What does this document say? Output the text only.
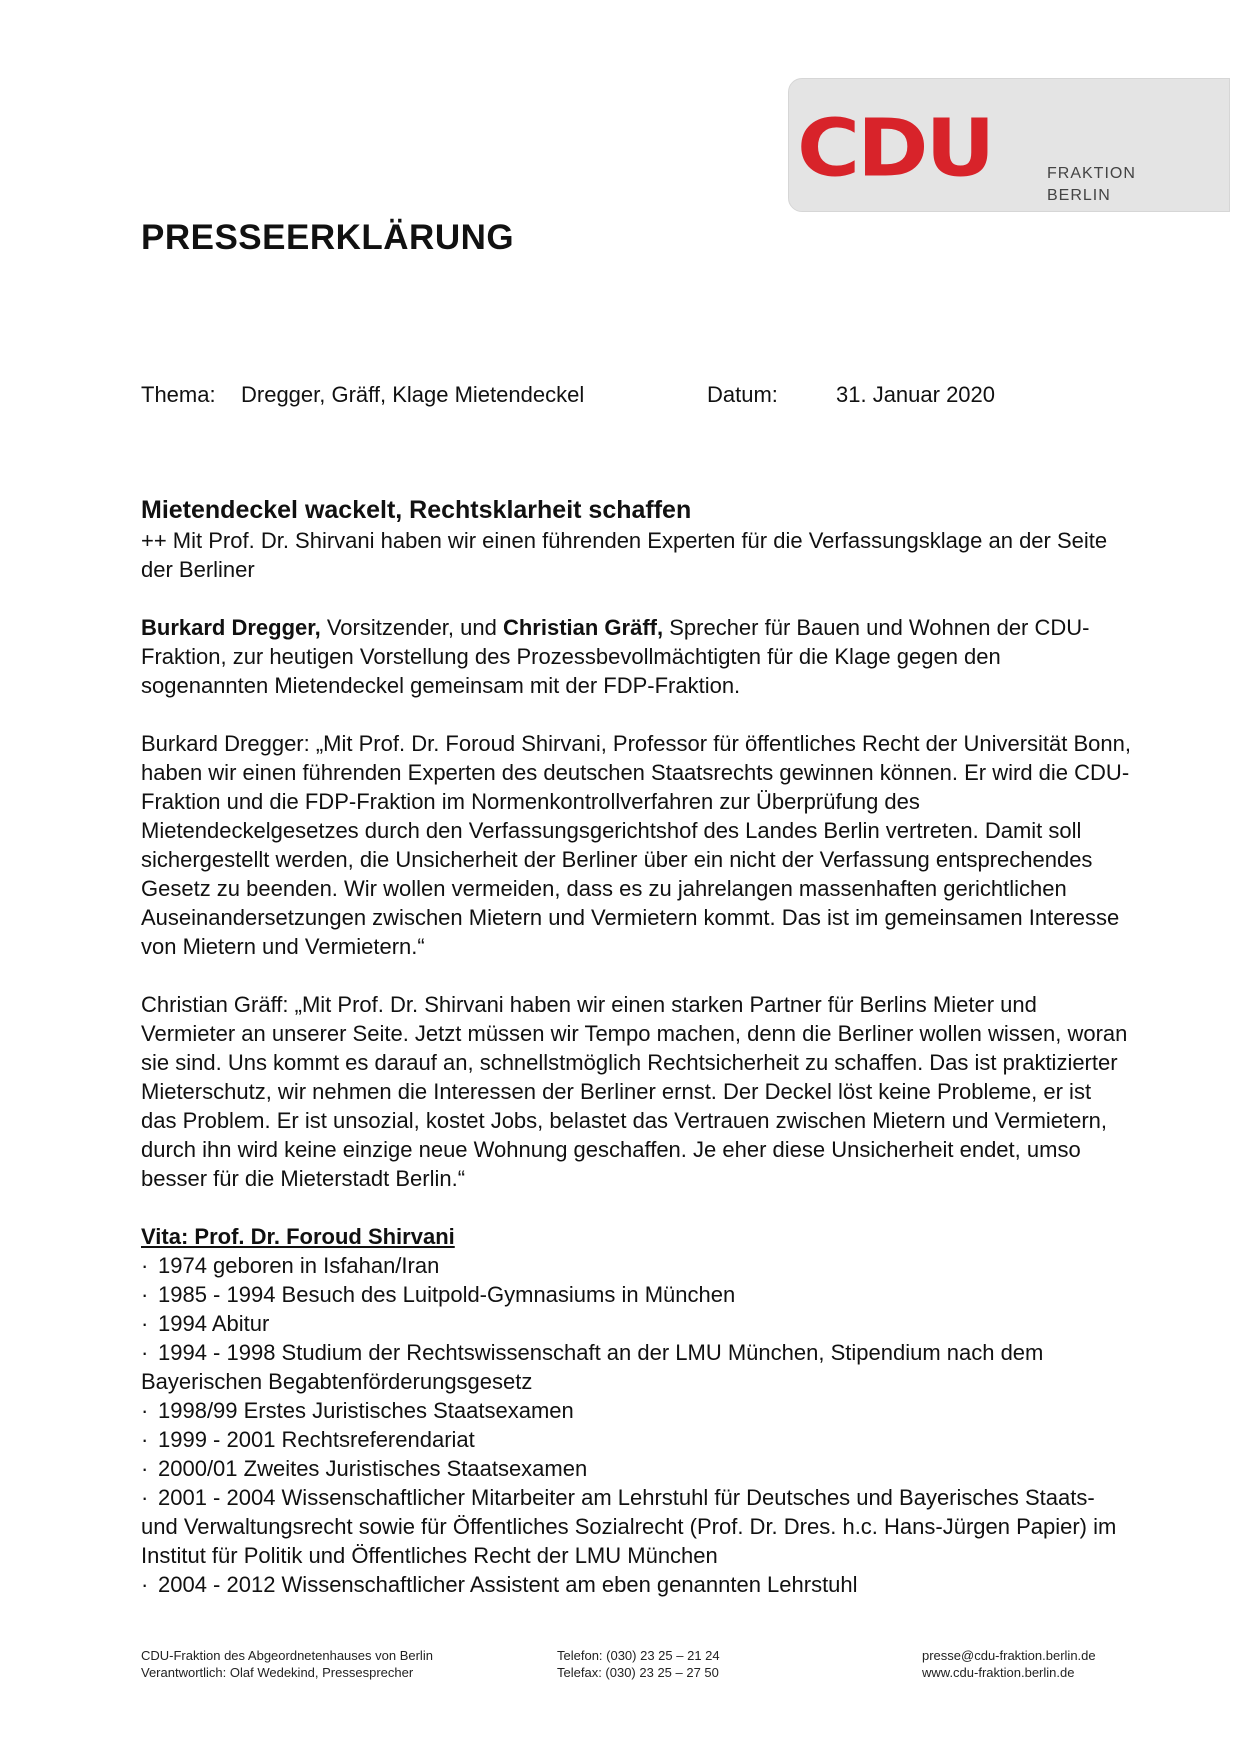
CDU	FRAKTION
BERLIN
PRESSEERKLÄRUNG
Thema: Dregger, Gräff, Klage Mietendeckel	Datum:	31. Januar 2020

Mietendeckel wackelt, Rechtsklarheit schaffen

++ Mit Prof. Dr. Shirvani haben wir einen führenden Experten für die Verfassungsklage an der Seite der Berliner

Burkard Dregger, Vorsitzender, und Christian Gräff, Sprecher für Bauen und Wohnen der CDU-Fraktion, zur heutigen Vorstellung des Prozessbevollmächtigten für die Klage gegen den sogenannten Mietendeckel gemeinsam mit der FDP-Fraktion.

Burkard Dregger: „Mit Prof. Dr. Foroud Shirvani, Professor für öffentliches Recht der Universität Bonn, haben wir einen führenden Experten des deutschen Staatsrechts gewinnen können. Er wird die CDU-Fraktion und die FDP-Fraktion im Normenkontrollverfahren zur Überprüfung des Mietendeckelgesetzes durch den Verfassungsgerichtshof des Landes Berlin vertreten. Damit soll sichergestellt werden, die Unsicherheit der Berliner über ein nicht der Verfassung entsprechendes Gesetz zu beenden. Wir wollen vermeiden, dass es zu jahrelangen massenhaften gerichtlichen Auseinandersetzungen zwischen Mietern und Vermietern kommt. Das ist im gemeinsamen Interesse von Mietern und Vermietern.“

Christian Gräff: „Mit Prof. Dr. Shirvani haben wir einen starken Partner für Berlins Mieter und Vermieter an unserer Seite. Jetzt müssen wir Tempo machen, denn die Berliner wollen wissen, woran sie sind. Uns kommt es darauf an, schnellstmöglich Rechtsicherheit zu schaffen. Das ist praktizierter Mieterschutz, wir nehmen die Interessen der Berliner ernst. Der Deckel löst keine Probleme, er ist das Problem. Er ist unsozial, kostet Jobs, belastet das Vertrauen zwischen Mietern und Vermietern, durch ihn wird keine einzige neue Wohnung geschaffen. Je eher diese Unsicherheit endet, umso besser für die Mieterstadt Berlin.“

Vita: Prof. Dr. Foroud Shirvani

· 1974 geboren in Isfahan/Iran
· 1985 - 1994 Besuch des Luitpold-Gymnasiums in München
· 1994 Abitur
· 1994 - 1998 Studium der Rechtswissenschaft an der LMU München, Stipendium nach dem Bayerischen Begabtenförderungsgesetz
· 1998/99 Erstes Juristisches Staatsexamen
· 1999 - 2001 Rechtsreferendariat
· 2000/01 Zweites Juristisches Staatsexamen
· 2001 - 2004 Wissenschaftlicher Mitarbeiter am Lehrstuhl für Deutsches und Bayerisches Staats- und Verwaltungsrecht sowie für Öffentliches Sozialrecht (Prof. Dr. Dres. h.c. Hans-Jürgen Papier) im Institut für Politik und Öffentliches Recht der LMU München
· 2004 - 2012 Wissenschaftlicher Assistent am eben genannten Lehrstuhl
CDU-Fraktion des Abgeordnetenhauses von Berlin
Verantwortlich: Olaf Wedekind, Pressesprecher
Telefon: (030) 23 25 – 21 24
Telefax: (030) 23 25 – 27 50
presse@cdu-fraktion.berlin.de
www.cdu-fraktion.berlin.de
